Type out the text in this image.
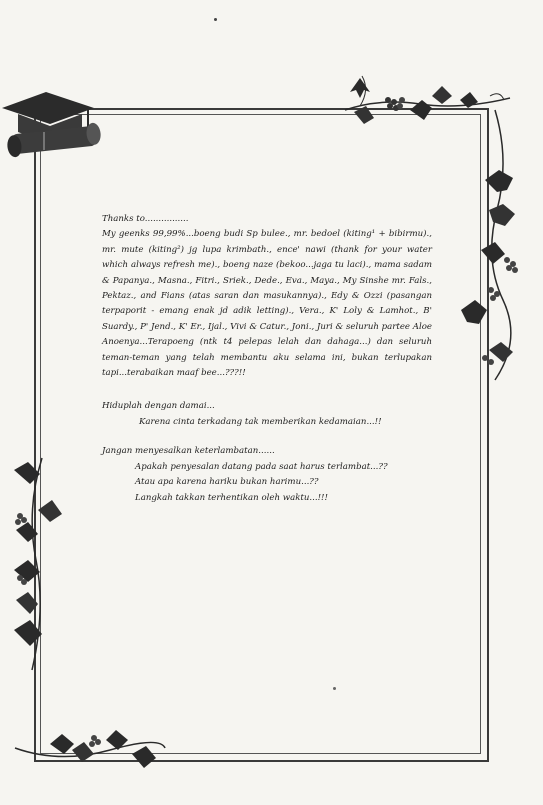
Thanks to................
My geenks 99,99%...boeng budi Sp bulee., mr. bedoel (kiting¹ + bibirmu)., mr. mute (kiting²) jg lupa krimbath., ence' nawi (thank for your water which always refresh me)., boeng naze (bekoo...jaga tu laci)., mama sadam & Papanya., Masna., Fitri., Sriek., Dede., Eva., Maya., My Sinshe mr. Fals., Pektaz., and Fians (atas saran dan masukannya)., Edy & Ozzi (pasangan terpaporit - emang enak jd adik letting)., Vera., K' Loly & Lamhot., B' Suardy., P' Jend., K' Er., Ijal., Vivi & Catur., Joni., Juri & seluruh partee Aloe Anoenya...Terapoeng (ntk t4 pelepas lelah dan dahaga...) dan seluruh teman-teman yang telah membantu aku selama ini, bukan terlupakan tapi...terabaikan maaf bee...???!!

Hiduplah dengan damai...
Karena cinta terkadang tak memberikan kedamaian...!!
Jangan menyesalkan keterlambatan......
Apakah penyesalan datang pada saat harus terlambat...??
Atau apa karena hariku bukan harimu...??
Langkah takkan terhentikan oleh waktu...!!!
